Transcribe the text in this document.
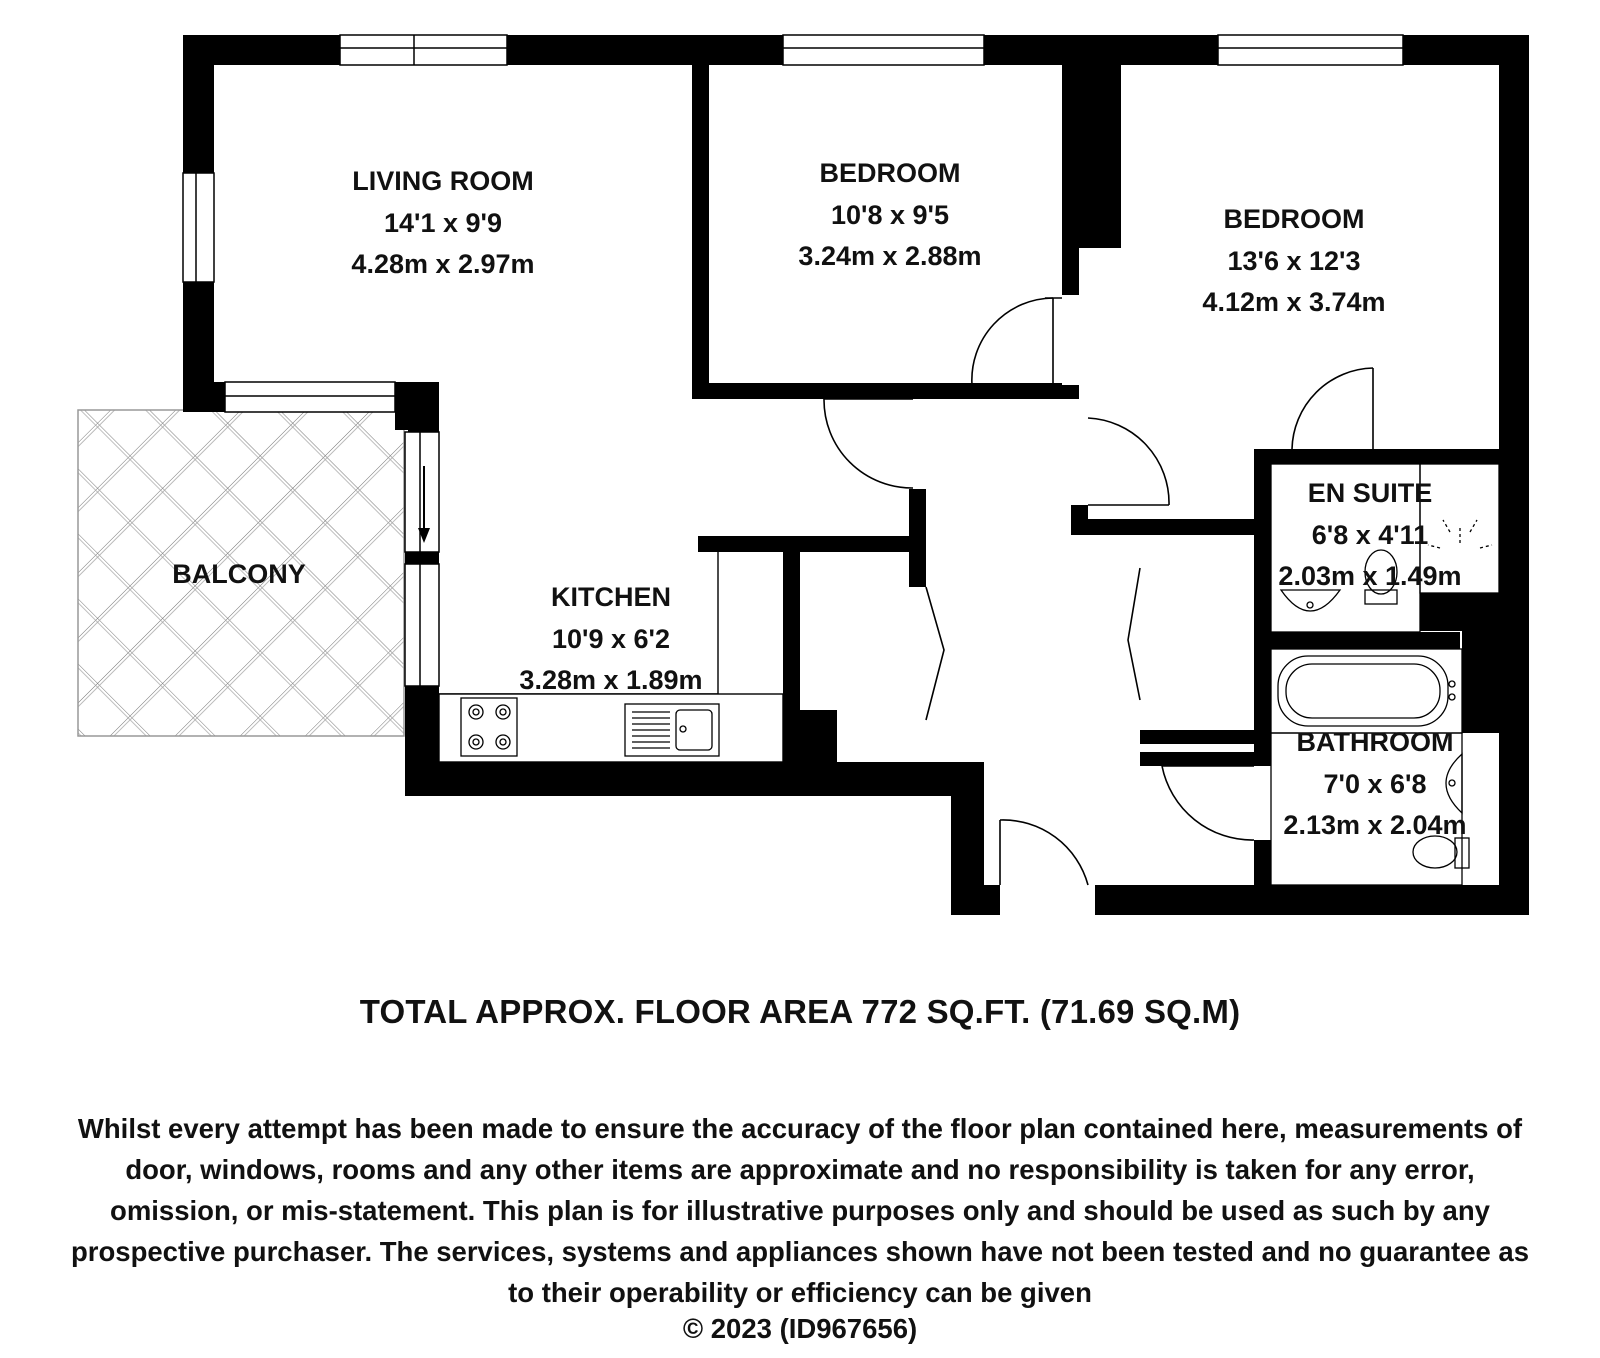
LIVING ROOM
14'1 x 9'9
4.28m x 2.97m
BEDROOM
10'8 x 9'5
3.24m x 2.88m
BEDROOM
13'6 x 12'3
4.12m x 3.74m
EN SUITE
6'8 x 4'11
2.03m x 1.49m
BALCONY
KITCHEN
10'9 x 6'2
3.28m x 1.89m
BATHROOM
7'0 x 6'8
2.13m x 2.04m
TOTAL APPROX. FLOOR AREA 772 SQ.FT. (71.69 SQ.M)
Whilst every attempt has been made to ensure the accuracy of the floor plan contained here, measurements of door, windows, rooms and any other items are approximate and no responsibility is taken for any error, omission, or mis-statement. This plan is for illustrative purposes only and should be used as such by any prospective purchaser. The services, systems and appliances shown have not been tested and no guarantee as to their operability or efficiency can be given
© 2023 (ID967656)
